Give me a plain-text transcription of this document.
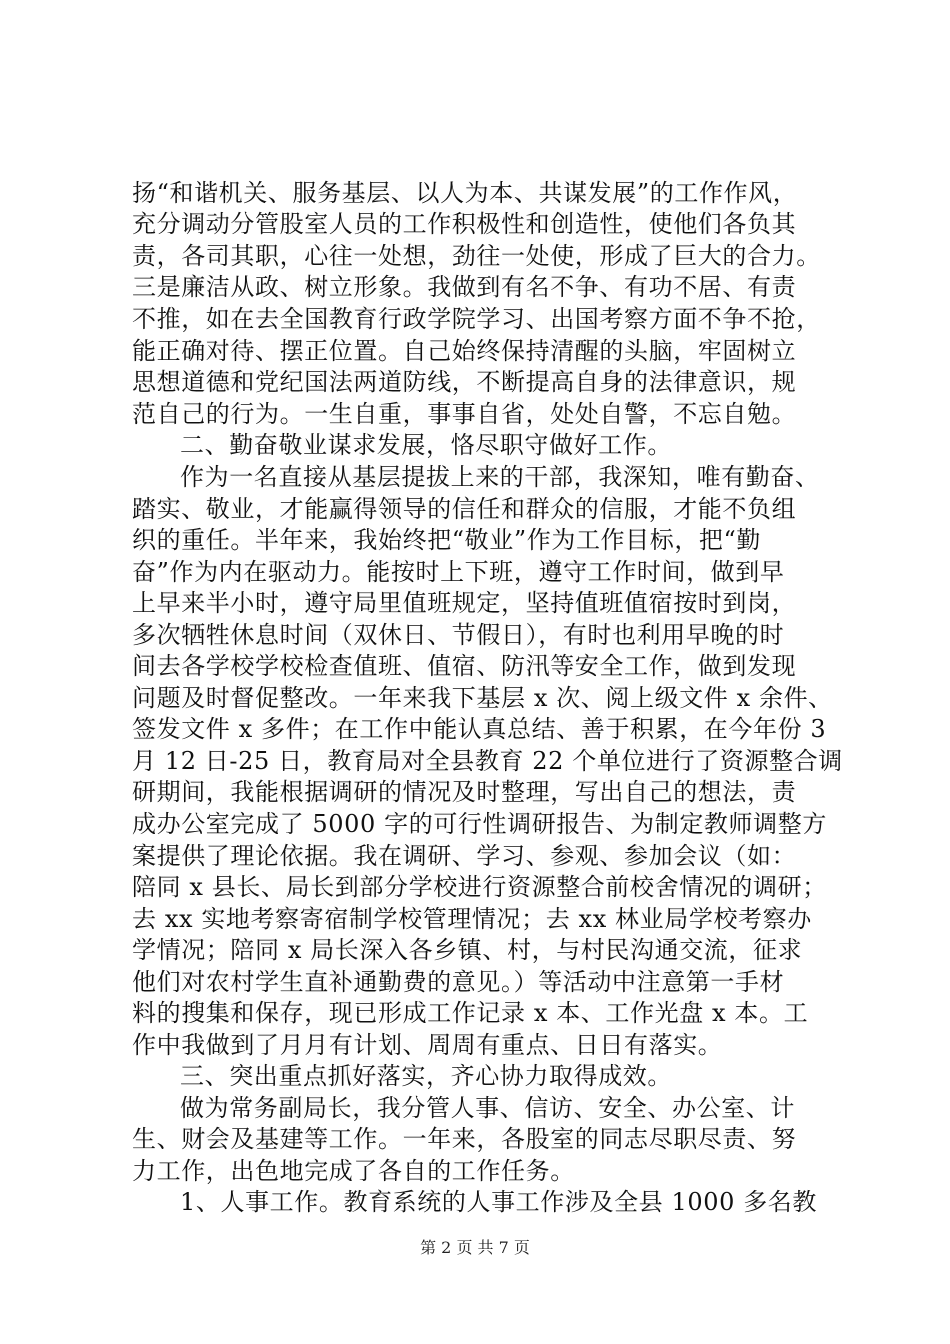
扬“和谐机关、服务基层、以人为本、共谋发展”的工作作风，
充分调动分管股室人员的工作积极性和创造性，使他们各负其
责，各司其职，心往一处想，劲往一处使，形成了巨大的合力。
三是廉洁从政、树立形象。我做到有名不争、有功不居、有责
不推，如在去全国教育行政学院学习、出国考察方面不争不抢，
能正确对待、摆正位置。自己始终保持清醒的头脑，牢固树立
思想道德和党纪国法两道防线，不断提高自身的法律意识，规
范自己的行为。一生自重，事事自省，处处自警，不忘自勉。
二、勤奋敬业谋求发展，恪尽职守做好工作。
作为一名直接从基层提拔上来的干部，我深知，唯有勤奋、
踏实、敬业，才能赢得领导的信任和群众的信服，才能不负组
织的重任。半年来，我始终把“敬业”作为工作目标，把“勤
奋”作为内在驱动力。能按时上下班，遵守工作时间，做到早
上早来半小时，遵守局里值班规定，坚持值班值宿按时到岗，
多次牺牲休息时间（双休日、节假日），有时也利用早晚的时
间去各学校学校检查值班、值宿、防汛等安全工作，做到发现
问题及时督促整改。一年来我下基层 x 次、阅上级文件 x 余件、
签发文件 x 多件；在工作中能认真总结、善于积累，在今年份 3
月 12 日-25 日，教育局对全县教育 22 个单位进行了资源整合调
研期间，我能根据调研的情况及时整理，写出自己的想法，责
成办公室完成了 5000 字的可行性调研报告、为制定教师调整方
案提供了理论依据。我在调研、学习、参观、参加会议（如：
陪同 x 县长、局长到部分学校进行资源整合前校舍情况的调研；
去 xx 实地考察寄宿制学校管理情况；去 xx 林业局学校考察办
学情况；陪同 x 局长深入各乡镇、村，与村民沟通交流，征求
他们对农村学生直补通勤费的意见。）等活动中注意第一手材
料的搜集和保存，现已形成工作记录 x 本、工作光盘 x 本。工
作中我做到了月月有计划、周周有重点、日日有落实。
三、突出重点抓好落实，齐心协力取得成效。
做为常务副局长，我分管人事、信访、安全、办公室、计
生、财会及基建等工作。一年来，各股室的同志尽职尽责、努
力工作，出色地完成了各自的工作任务。
1、人事工作。教育系统的人事工作涉及全县 1000 多名教
第 2 页 共 7 页
